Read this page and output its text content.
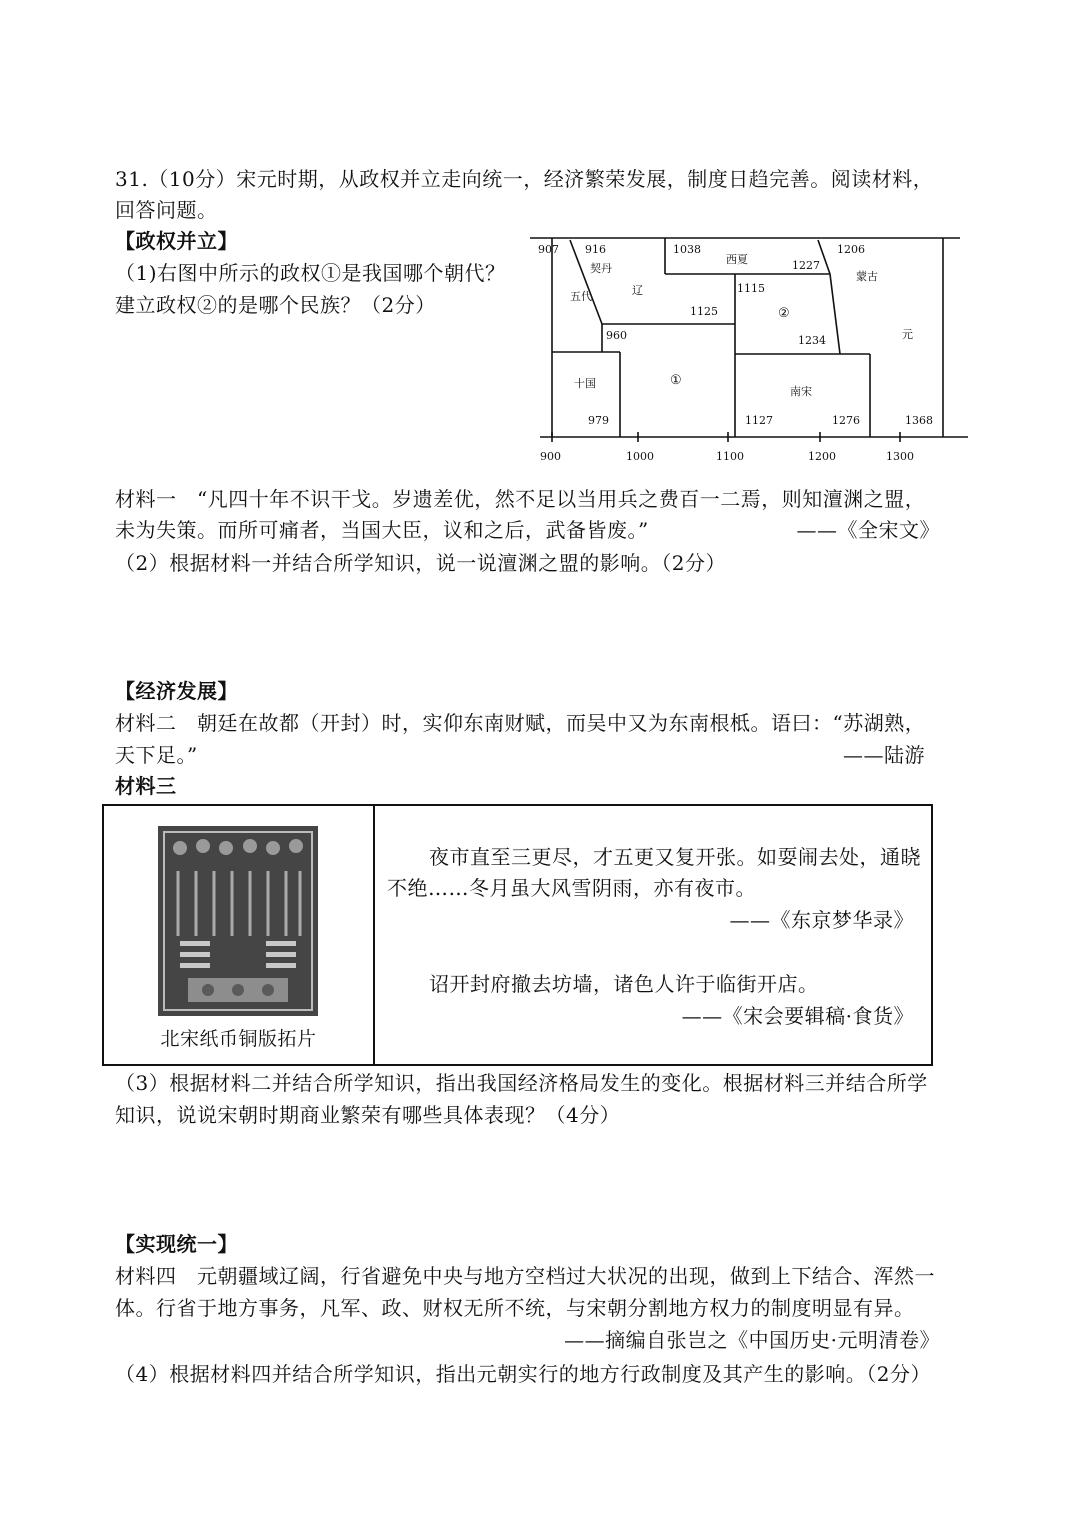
31.（10分）宋元时期，从政权并立走向统一，经济繁荣发展，制度日趋完善。阅读材料，
回答问题。
【政权并立】
（1)右图中所示的政权①是我国哪个朝代？
建立政权②的是哪个民族？（2分）
907 916	1038	1206
1227
1115
1125
960	1234
979	1127	1276	1368
契丹
辽
五代
十国	①
西夏
②
南宋
蒙古
元
900	1000	1100	1200	1300
材料一　“凡四十年不识干戈。岁遗差优，然不足以当用兵之费百一二焉，则知澶渊之盟，
未为失策。而所可痛者，当国大臣，议和之后，武备皆废。”	——《全宋文》
（2）根据材料一并结合所学知识，说一说澶渊之盟的影响。（2分）
【经济发展】
材料二　朝廷在故都（开封）时，实仰东南财赋，而吴中又为东南根柢。语曰：“苏湖熟，
天下足。”	——陆游
材料三
北宋纸币铜版拓片
夜市直至三更尽，才五更又复开张。如耍闹去处，通晓
不绝……冬月虽大风雪阴雨，亦有夜市。
——《东京梦华录》
诏开封府撤去坊墙，诸色人许于临街开店。
——《宋会要辑稿·食货》
（3）根据材料二并结合所学知识，指出我国经济格局发生的变化。根据材料三并结合所学
知识，说说宋朝时期商业繁荣有哪些具体表现？（4分）
【实现统一】
材料四　元朝疆域辽阔，行省避免中央与地方空档过大状况的出现，做到上下结合、浑然一
体。行省于地方事务，凡军、政、财权无所不统，与宋朝分割地方权力的制度明显有异。
——摘编自张岂之《中国历史·元明清卷》
（4）根据材料四并结合所学知识，指出元朝实行的地方行政制度及其产生的影响。（2分）
